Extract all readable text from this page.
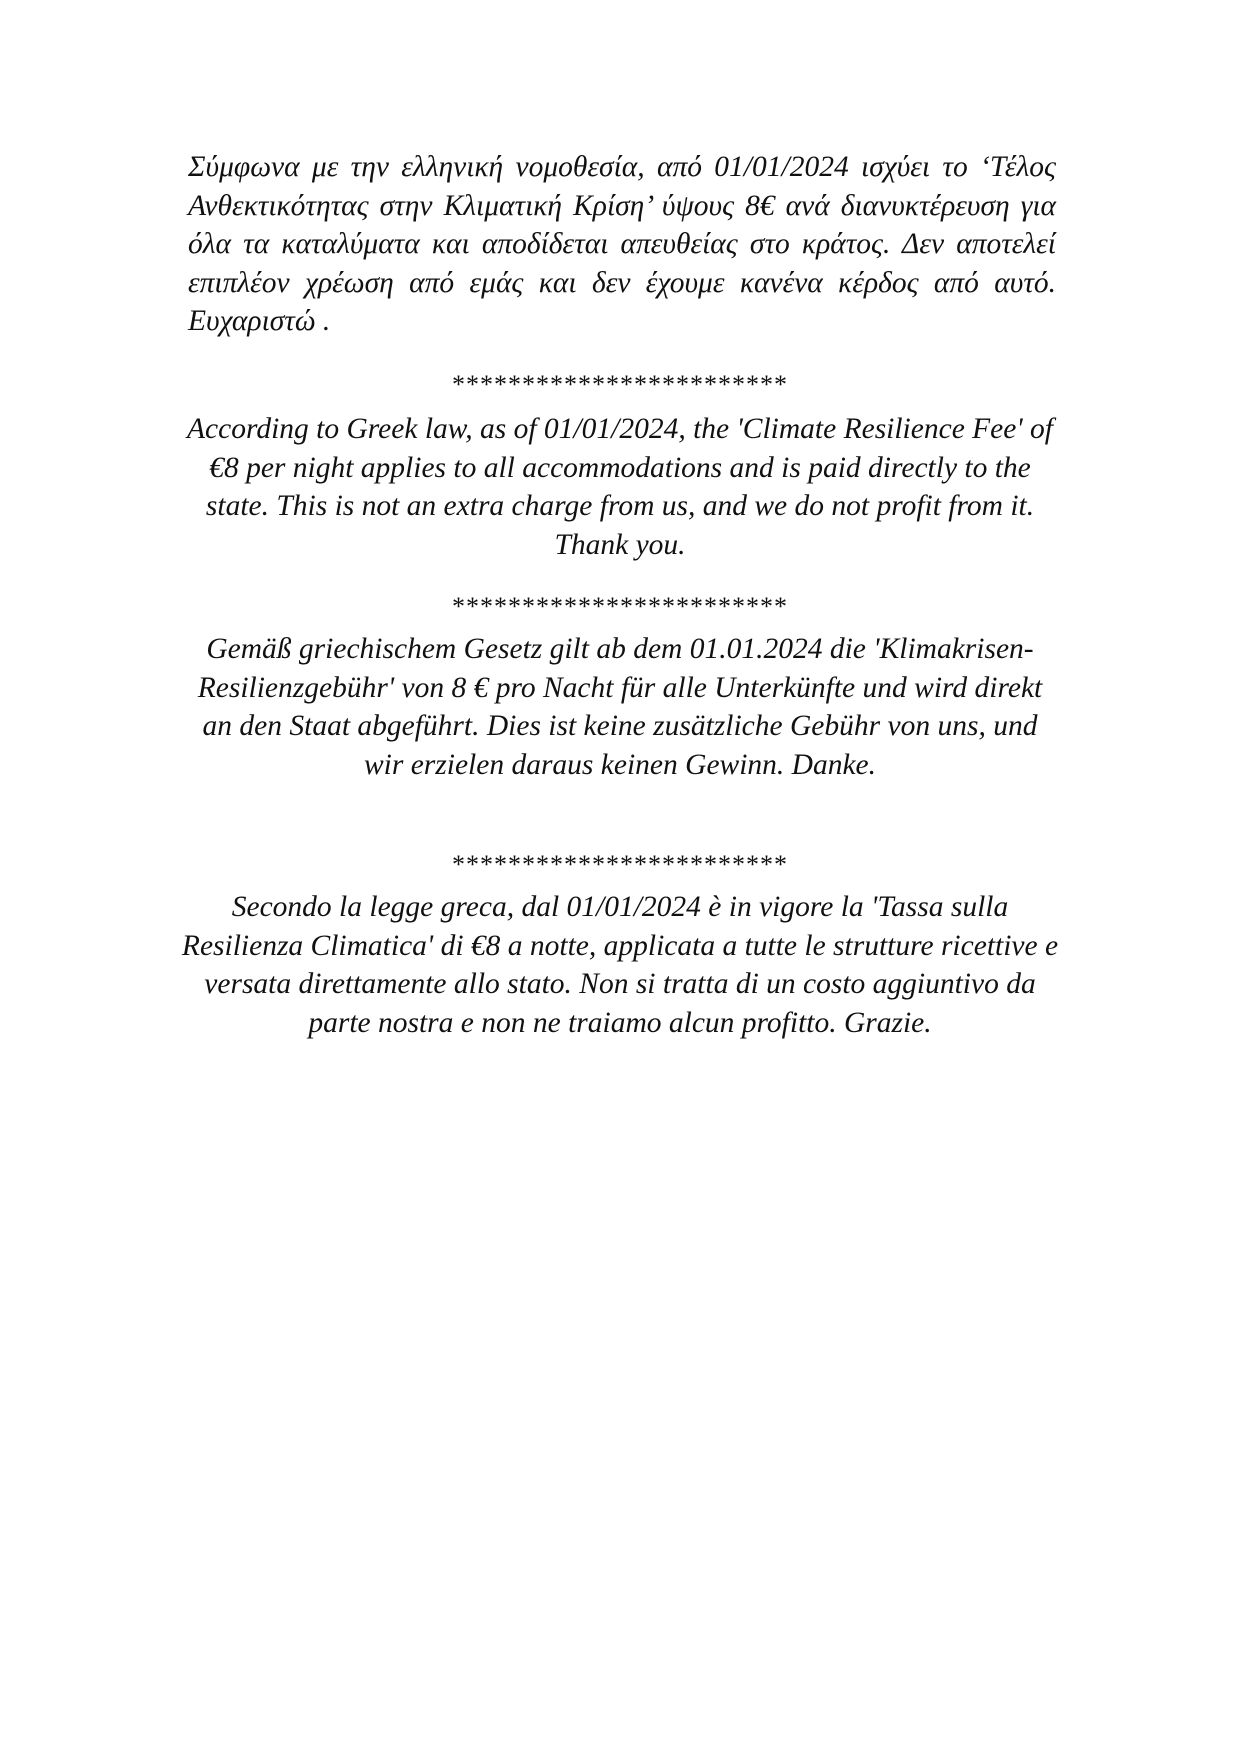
Σύμφωνα με την ελληνική νομοθεσία, από 01/01/2024 ισχύει το ‘Τέλος Ανθεκτικότητας στην Κλιματική Κρίση’ ύψους 8€ ανά διανυκτέρευση για όλα τα καταλύματα και αποδίδεται απευθείας στο κράτος. Δεν αποτελεί επιπλέον χρέωση από εμάς και δεν έχουμε κανένα κέρδος από αυτό. Ευχαριστώ .

************************

According to Greek law, as of 01/01/2024, the 'Climate Resilience Fee' of €8 per night applies to all accommodations and is paid directly to the state. This is not an extra charge from us, and we do not profit from it. Thank you.

************************

Gemäß griechischem Gesetz gilt ab dem 01.01.2024 die 'Klimakrisen-Resilienzgebühr' von 8 € pro Nacht für alle Unterkünfte und wird direkt an den Staat abgeführt. Dies ist keine zusätzliche Gebühr von uns, und wir erzielen daraus keinen Gewinn. Danke.

************************

Secondo la legge greca, dal 01/01/2024 è in vigore la 'Tassa sulla Resilienza Climatica' di €8 a notte, applicata a tutte le strutture ricettive e versata direttamente allo stato. Non si tratta di un costo aggiuntivo da parte nostra e non ne traiamo alcun profitto. Grazie.
